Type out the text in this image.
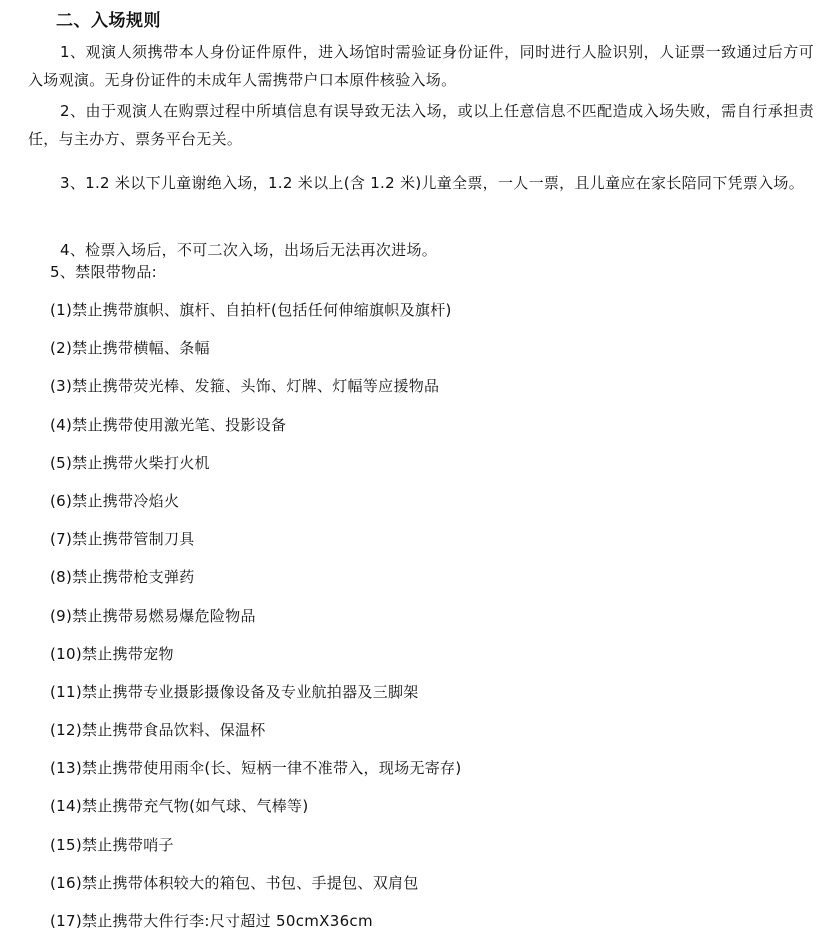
二、入场规则
1、观演人须携带本人身份证件原件，进入场馆时需验证身份证件，同时进行人脸识别，人证票一致通过后方可入场观演。无身份证件的未成年人需携带户口本原件核验入场。
2、由于观演人在购票过程中所填信息有误导致无法入场，或以上任意信息不匹配造成入场失败，需自行承担责任，与主办方、票务平台无关。
3、1.2 米以下儿童谢绝入场，1.2 米以上(含 1.2 米)儿童全票，一人一票，且儿童应在家长陪同下凭票入场。
4、检票入场后，不可二次入场，出场后无法再次进场。
5、禁限带物品:
(1)禁止携带旗帜、旗杆、自拍杆(包括任何伸缩旗帜及旗杆)
(2)禁止携带横幅、条幅
(3)禁止携带荧光棒、发箍、头饰、灯牌、灯幅等应援物品
(4)禁止携带使用激光笔、投影设备
(5)禁止携带火柴打火机
(6)禁止携带冷焰火
(7)禁止携带管制刀具
(8)禁止携带枪支弹药
(9)禁止携带易燃易爆危险物品
(10)禁止携带宠物
(11)禁止携带专业摄影摄像设备及专业航拍器及三脚架
(12)禁止携带食品饮料、保温杯
(13)禁止携带使用雨伞(长、短柄一律不准带入，现场无寄存)
(14)禁止携带充气物(如气球、气棒等)
(15)禁止携带哨子
(16)禁止携带体积较大的箱包、书包、手提包、双肩包
(17)禁止携带大件行李:尺寸超过 50cmX36cm
